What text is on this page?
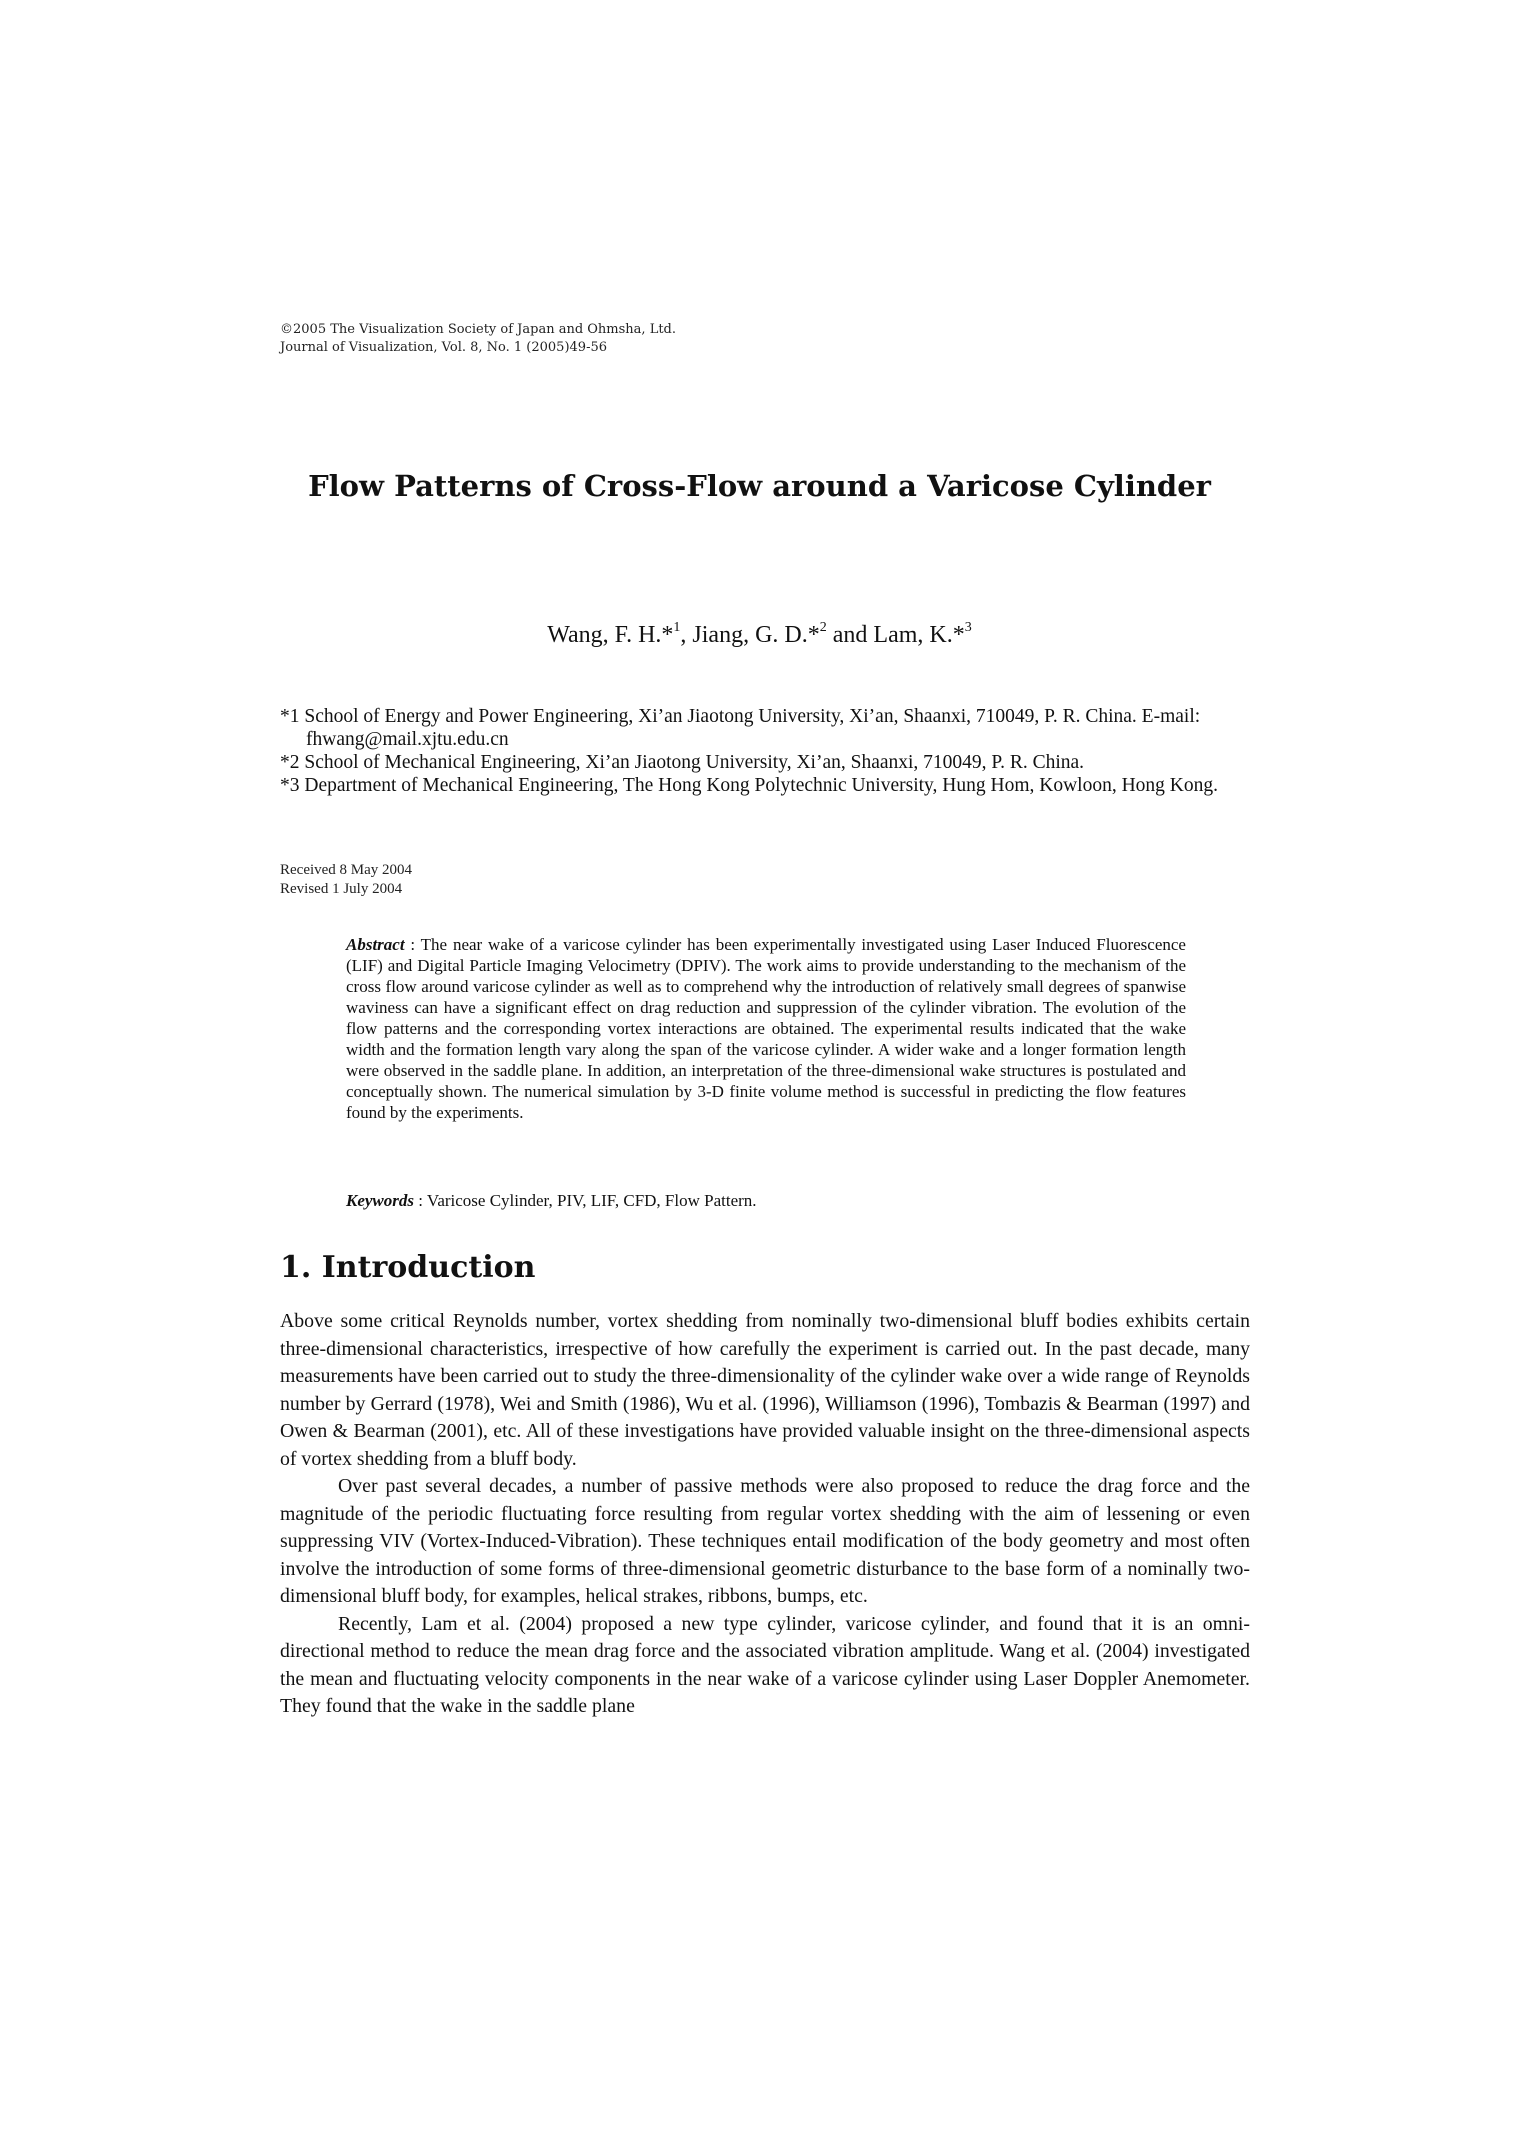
©2005 The Visualization Society of Japan and Ohmsha, Ltd.
Journal of Visualization, Vol. 8, No. 1 (2005)49-56
Flow Patterns of Cross-Flow around a Varicose Cylinder
Wang, F. H.*$^1$, Jiang, G. D.*$^2$ and Lam, K.*$^3$
*1 School of Energy and Power Engineering, Xi’an Jiaotong University, Xi’an, Shaanxi, 710049, P. R. China. E-mail: fhwang@mail.xjtu.edu.cn
*2 School of Mechanical Engineering, Xi’an Jiaotong University, Xi’an, Shaanxi, 710049, P. R. China.
*3 Department of Mechanical Engineering, The Hong Kong Polytechnic University, Hung Hom, Kowloon, Hong Kong.
Received 8 May 2004
Revised 1 July 2004
Abstract : The near wake of a varicose cylinder has been experimentally investigated using Laser Induced Fluorescence (LIF) and Digital Particle Imaging Velocimetry (DPIV). The work aims to provide understanding to the mechanism of the cross flow around varicose cylinder as well as to comprehend why the introduction of relatively small degrees of spanwise waviness can have a significant effect on drag reduction and suppression of the cylinder vibration. The evolution of the flow patterns and the corresponding vortex interactions are obtained. The experimental results indicated that the wake width and the formation length vary along the span of the varicose cylinder. A wider wake and a longer formation length were observed in the saddle plane. In addition, an interpretation of the three-dimensional wake structures is postulated and conceptually shown. The numerical simulation by 3-D finite volume method is successful in predicting the flow features found by the experiments.
Keywords : Varicose Cylinder, PIV, LIF, CFD, Flow Pattern.
1. Introduction

Above some critical Reynolds number, vortex shedding from nominally two-dimensional bluff bodies exhibits certain three-dimensional characteristics, irrespective of how carefully the experiment is carried out. In the past decade, many measurements have been carried out to study the three-dimensionality of the cylinder wake over a wide range of Reynolds number by Gerrard (1978), Wei and Smith (1986), Wu et al. (1996), Williamson (1996), Tombazis & Bearman (1997) and Owen & Bearman (2001), etc. All of these investigations have provided valuable insight on the three-dimensional aspects of vortex shedding from a bluff body.

Over past several decades, a number of passive methods were also proposed to reduce the drag force and the magnitude of the periodic fluctuating force resulting from regular vortex shedding with the aim of lessening or even suppressing VIV (Vortex-Induced-Vibration). These techniques entail modification of the body geometry and most often involve the introduction of some forms of three-dimensional geometric disturbance to the base form of a nominally two-dimensional bluff body, for examples, helical strakes, ribbons, bumps, etc.

Recently, Lam et al. (2004) proposed a new type cylinder, varicose cylinder, and found that it is an omni-directional method to reduce the mean drag force and the associated vibration amplitude. Wang et al. (2004) investigated the mean and fluctuating velocity components in the near wake of a varicose cylinder using Laser Doppler Anemometer. They found that the wake in the saddle plane
